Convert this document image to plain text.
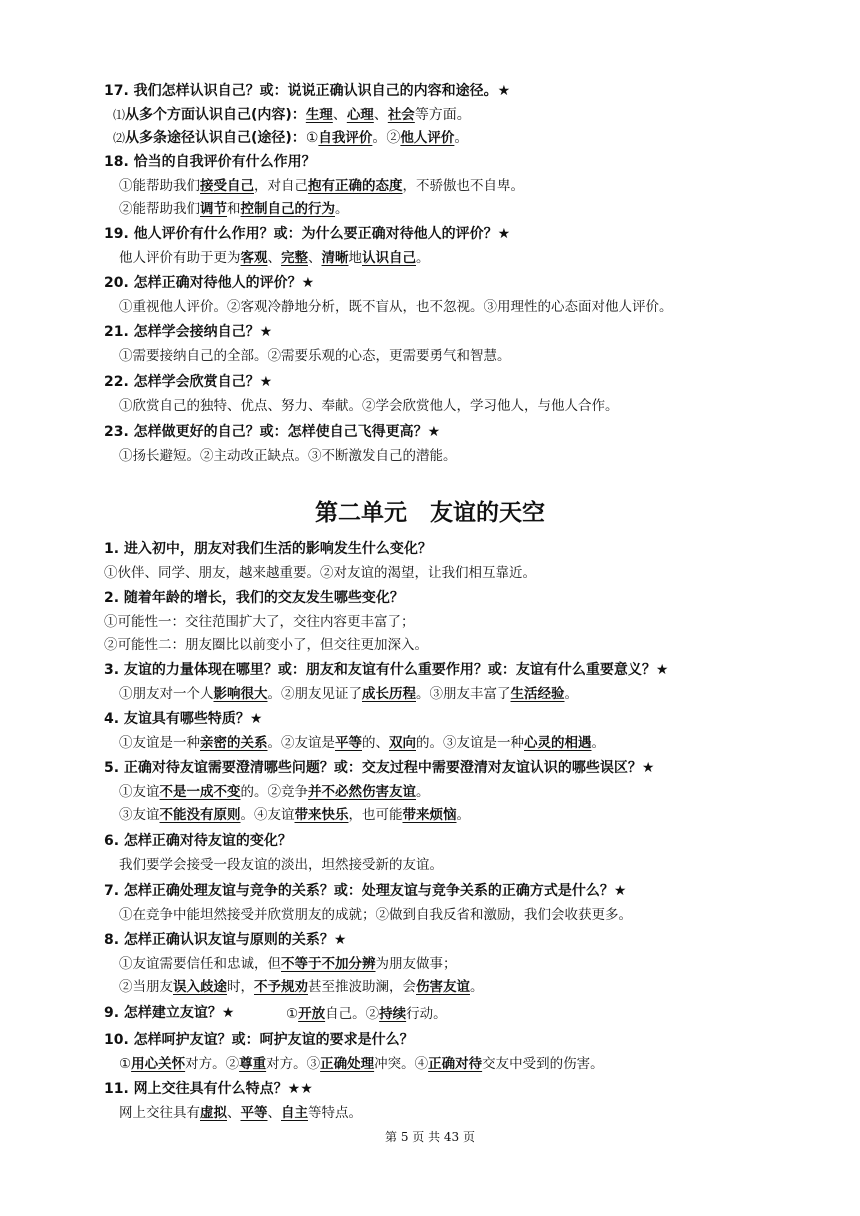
17. 我们怎样认识自己？或：说说正确认识自己的内容和途径。★
⑴从多个方面认识自己(内容)：生理、心理、社会等方面。
⑵从多条途径认识自己(途径)：①自我评价。②他人评价。
18. 恰当的自我评价有什么作用？
①能帮助我们接受自己，对自己抱有正确的态度，不骄傲也不自卑。
②能帮助我们调节和控制自己的行为。
19. 他人评价有什么作用？或：为什么要正确对待他人的评价？★
他人评价有助于更为客观、完整、清晰地认识自己。
20. 怎样正确对待他人的评价？★
①重视他人评价。②客观冷静地分析，既不盲从，也不忽视。③用理性的心态面对他人评价。
21. 怎样学会接纳自己？★
①需要接纳自己的全部。②需要乐观的心态，更需要勇气和智慧。
22. 怎样学会欣赏自己？★
①欣赏自己的独特、优点、努力、奉献。②学会欣赏他人，学习他人，与他人合作。
23. 怎样做更好的自己？或：怎样使自己飞得更高？★
①扬长避短。②主动改正缺点。③不断激发自己的潜能。
1. 进入初中，朋友对我们生活的影响发生什么变化？
①伙伴、同学、朋友，越来越重要。②对友谊的渴望，让我们相互靠近。
2. 随着年龄的增长，我们的交友发生哪些变化？
①可能性一：交往范围扩大了，交往内容更丰富了；
②可能性二：朋友圈比以前变小了，但交往更加深入。
3. 友谊的力量体现在哪里？或：朋友和友谊有什么重要作用？或：友谊有什么重要意义？★
①朋友对一个人影响很大。②朋友见证了成长历程。③朋友丰富了生活经验。
4. 友谊具有哪些特质？★
①友谊是一种亲密的关系。②友谊是平等的、双向的。③友谊是一种心灵的相遇。
5. 正确对待友谊需要澄清哪些问题？或：交友过程中需要澄清对友谊认识的哪些误区？★
①友谊不是一成不变的。②竞争并不必然伤害友谊。
③友谊不能没有原则。④友谊带来快乐，也可能带来烦恼。
6. 怎样正确对待友谊的变化？
我们要学会接受一段友谊的淡出，坦然接受新的友谊。
7. 怎样正确处理友谊与竞争的关系？或：处理友谊与竞争关系的正确方式是什么？★
①在竞争中能坦然接受并欣赏朋友的成就；②做到自我反省和激励，我们会收获更多。
8. 怎样正确认识友谊与原则的关系？★
①友谊需要信任和忠诚，但不等于不加分辨为朋友做事；
②当朋友误入歧途时，不予规劝甚至推波助澜，会伤害友谊。
9. 怎样建立友谊？★	①开放自己。②持续行动。
10. 怎样呵护友谊？或：呵护友谊的要求是什么？
①用心关怀对方。②尊重对方。③正确处理冲突。④正确对待交友中受到的伤害。
11. 网上交往具有什么特点？★★
网上交往具有虚拟、平等、自主等特点。
第二单元　友谊的天空
第 5 页 共 43 页
